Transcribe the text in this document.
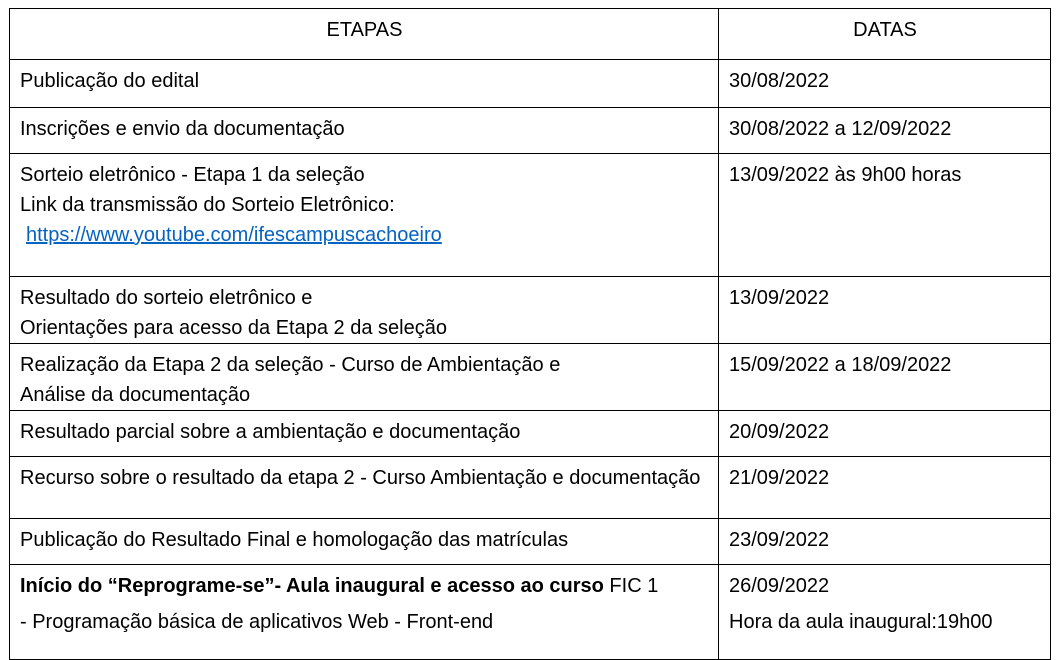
ETAPAS	DATAS
Publicação do edital	30/08/2022
Inscrições e envio da documentação	30/08/2022 a 12/09/2022

Sorteio eletrônico - Etapa 1 da seleção
Link da transmissão do Sorteio Eletrônico:
https://www.youtube.com/ifescampuscachoeiro	13/09/2022 às 9h00 horas

Resultado do sorteio eletrônico e
Orientações para acesso da Etapa 2 da seleção	13/09/2022

Realização da Etapa 2 da seleção - Curso de Ambientação e
Análise da documentação	15/09/2022 a 18/09/2022
Resultado parcial sobre a ambientação e documentação	20/09/2022
Recurso sobre o resultado da etapa 2 - Curso Ambientação e documentação	21/09/2022
Publicação do Resultado Final e homologação das matrículas	23/09/2022

Início do “Reprograme-se”- Aula inaugural e acesso ao curso FIC 1
- Programação básica de aplicativos Web - Front-end	26/09/2022
Hora da aula inaugural:19h00
